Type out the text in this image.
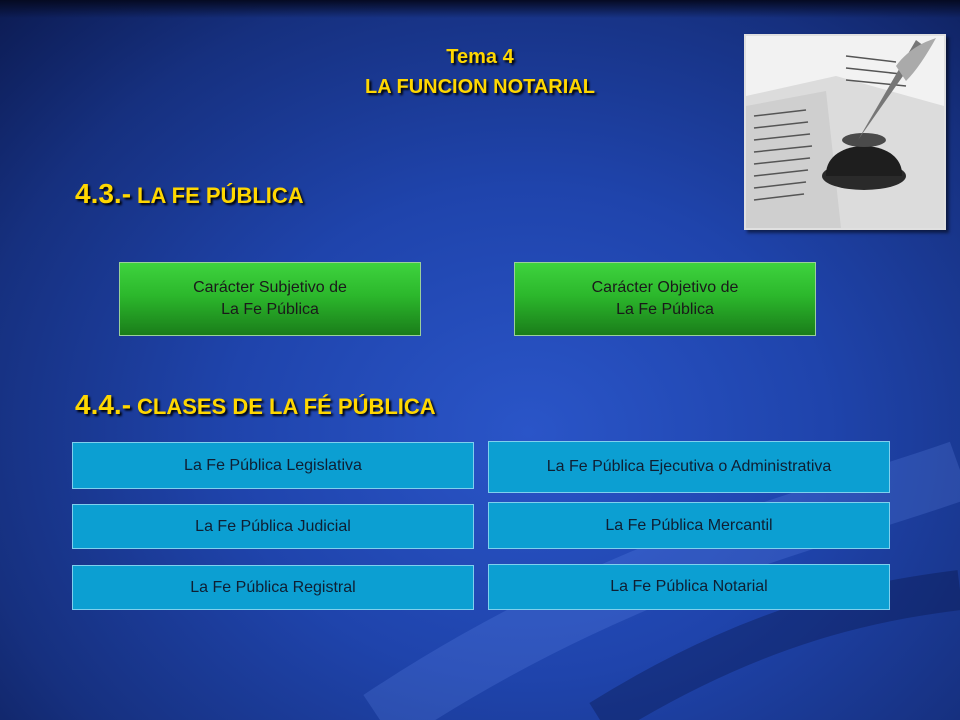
Tema 4
LA FUNCION NOTARIAL
4.3.- LA FE PÚBLICA
Carácter Subjetivo de
La Fe Pública
Carácter Objetivo de
La Fe Pública
4.4.- CLASES DE LA FÉ PÚBLICA
La Fe Pública Legislativa	La Fe Pública Ejecutiva o Administrativa
La Fe Pública Judicial	La Fe Pública Mercantil
La Fe Pública Registral	La Fe Pública Notarial
